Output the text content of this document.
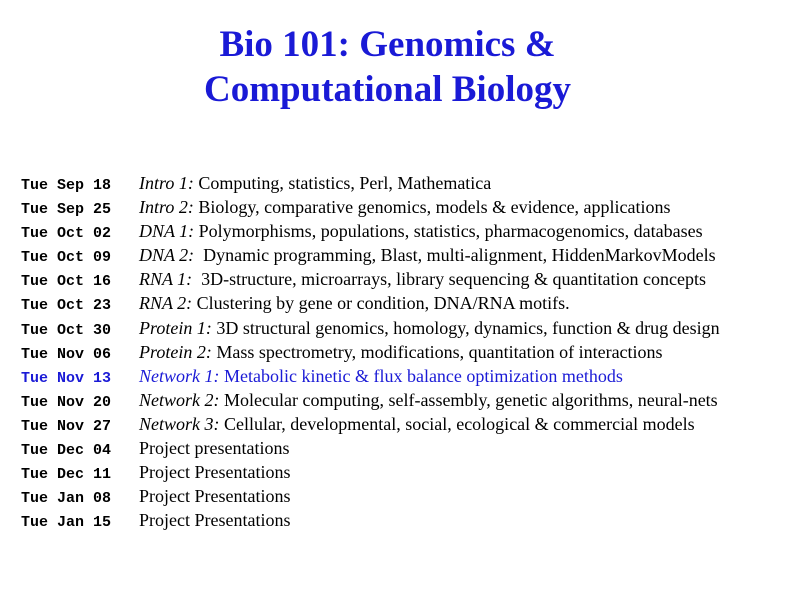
Bio 101: Genomics &
Computational Biology
Tue Sep 18 Intro 1: Computing, statistics, Perl, Mathematica
Tue Sep 25 Intro 2: Biology, comparative genomics, models & evidence, applications
Tue Oct 02 DNA 1: Polymorphisms, populations, statistics, pharmacogenomics, databases
Tue Oct 09 DNA 2:  Dynamic programming, Blast, multi-alignment, HiddenMarkovModels
Tue Oct 16 RNA 1:  3D-structure, microarrays, library sequencing & quantitation concepts
Tue Oct 23 RNA 2: Clustering by gene or condition, DNA/RNA motifs.
Tue Oct 30 Protein 1: 3D structural genomics, homology, dynamics, function & drug design
Tue Nov 06 Protein 2: Mass spectrometry, modifications, quantitation of interactions
Tue Nov 13 Network 1: Metabolic kinetic & flux balance optimization methods
Tue Nov 20 Network 2: Molecular computing, self-assembly, genetic algorithms, neural-nets
Tue Nov 27 Network 3: Cellular, developmental, social, ecological & commercial models
Tue Dec 04 Project presentations
Tue Dec 11 Project Presentations
Tue Jan 08 Project Presentations
Tue Jan 15 Project Presentations
